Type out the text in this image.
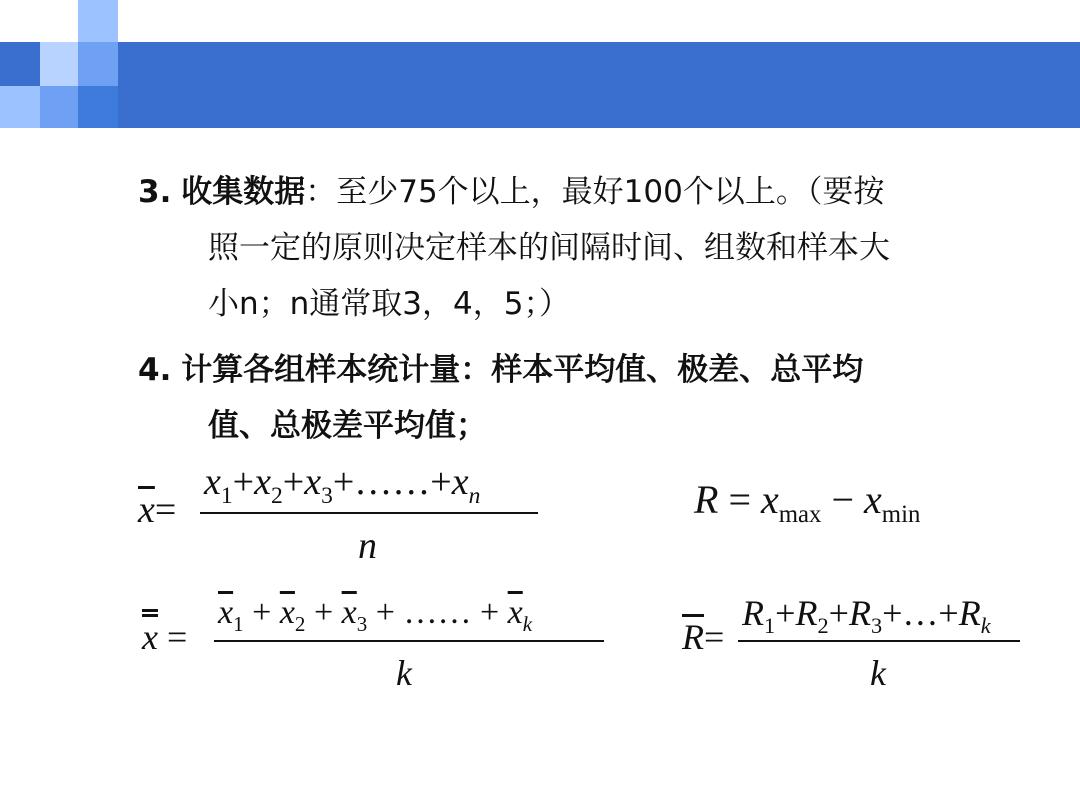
3. 收集数据：至少75个以上，最好100个以上。（要按
照一定的原则决定样本的间隔时间、组数和样本大
小n；n通常取3，4，5；）
4. 计算各组样本统计量：样本平均值、极差、总平均
值、总极差平均值；
$\overline{x}=$
$x_1+x_2+x_3+\dots\dots+x_n$
n
$R = x_{max} - x_{min}$
x =
$\overline{x}_1 + \overline{x}_2 + \overline{x}_3$ + …… + $\overline{x}_k$
k
$\overline{R}=$
$R_1+R_2+R_3+\dots+R_k$
k
